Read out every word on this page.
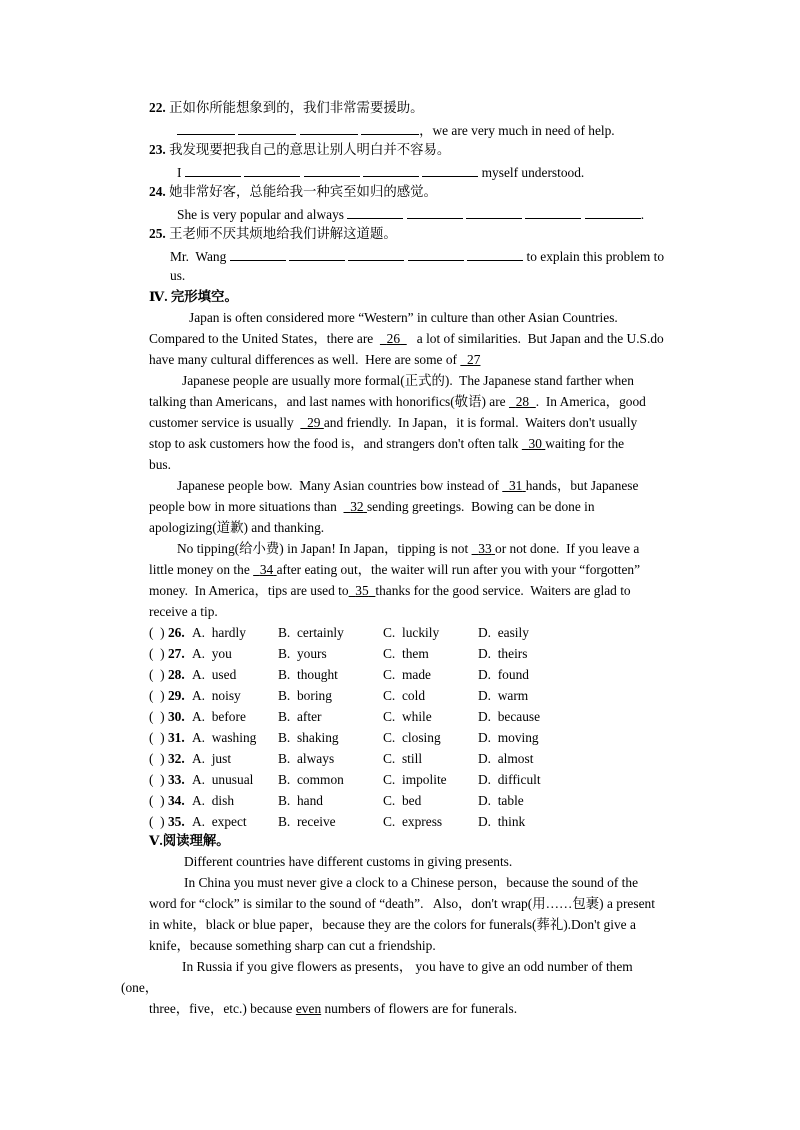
22. 正如你所能想象到的，我们非常需要援助。
，we are very much in need of help.
23. 我发现要把我自己的意思让别人明白并不容易。
I	myself understood.
24. 她非常好客，总能给我一种宾至如归的感觉。
She is very popular and always	.
25. 王老师不厌其烦地给我们讲解这道题。
Mr.  Wang	to explain this problem to
us.
Ⅳ. 完形填空。
Japan is often considered more “Western” in culture than other Asian Countries.
Compared to the United States，there are 26 a lot of similarities.  But Japan and the U.S.do
have many cultural differences as well.  Here are some of 27
Japanese people are usually more formal(正式的).  The Japanese stand farther when
talking than Americans，and last names with honorifics(敬语) are 28 .  In America，good
customer service is usually 29 and friendly.  In Japan，it is formal.  Waiters don't usually
stop to ask customers how the food is，and strangers don't often talk 30 waiting for the
bus.
Japanese people bow.  Many Asian countries bow instead of 31 hands，but Japanese
people bow in more situations than 32 sending greetings.  Bowing can be done in
apologizing(道歉) and thanking.
No tipping(给小费) in Japan! In Japan，tipping is not 33 or not done.  If you leave a
little money on the 34 after eating out，the waiter will run after you with your “forgotten”
money.  In America，tips are used to 35 thanks for the good service.  Waiters are glad to
receive a tip.
(  ) 26. A.  hardly B.  certainly	C.  luckily	D.  easily
(  ) 27. A.  you	B.  yours	C.  them	D.  theirs
(  ) 28. A.  used	B.  thought	C.  made	D.  found
(  ) 29. A.  noisy	B.  boring	C.  cold	D.  warm
(  ) 30. A.  before B.  after	C.  while	D.  because
(  ) 31. A.  washing B.  shaking	C.  closing	D.  moving
(  ) 32. A.  just	B.  always	C.  still	D.  almost
(  ) 33. A.  unusual B.  common	C.  impolite D.  difficult
(  ) 34. A.  dish	B.  hand	C.  bed	D.  table
(  ) 35. A.  expect B.  receive	C.  express	D.  think
Ⅴ.阅读理解。
Different countries have different customs in giving presents.
In China you must never give a clock to a Chinese person，because the sound of the
word for “clock” is similar to the sound of “death”.   Also，don't wrap(用……包裹) a present
in white，black or blue paper，because they are the colors for funerals(葬礼).Don't give a
knife，because something sharp can cut a friendship.
In Russia if you give flowers as presents， you have to give an odd number of them
(one，
three，five，etc.) because even numbers of flowers are for funerals.
